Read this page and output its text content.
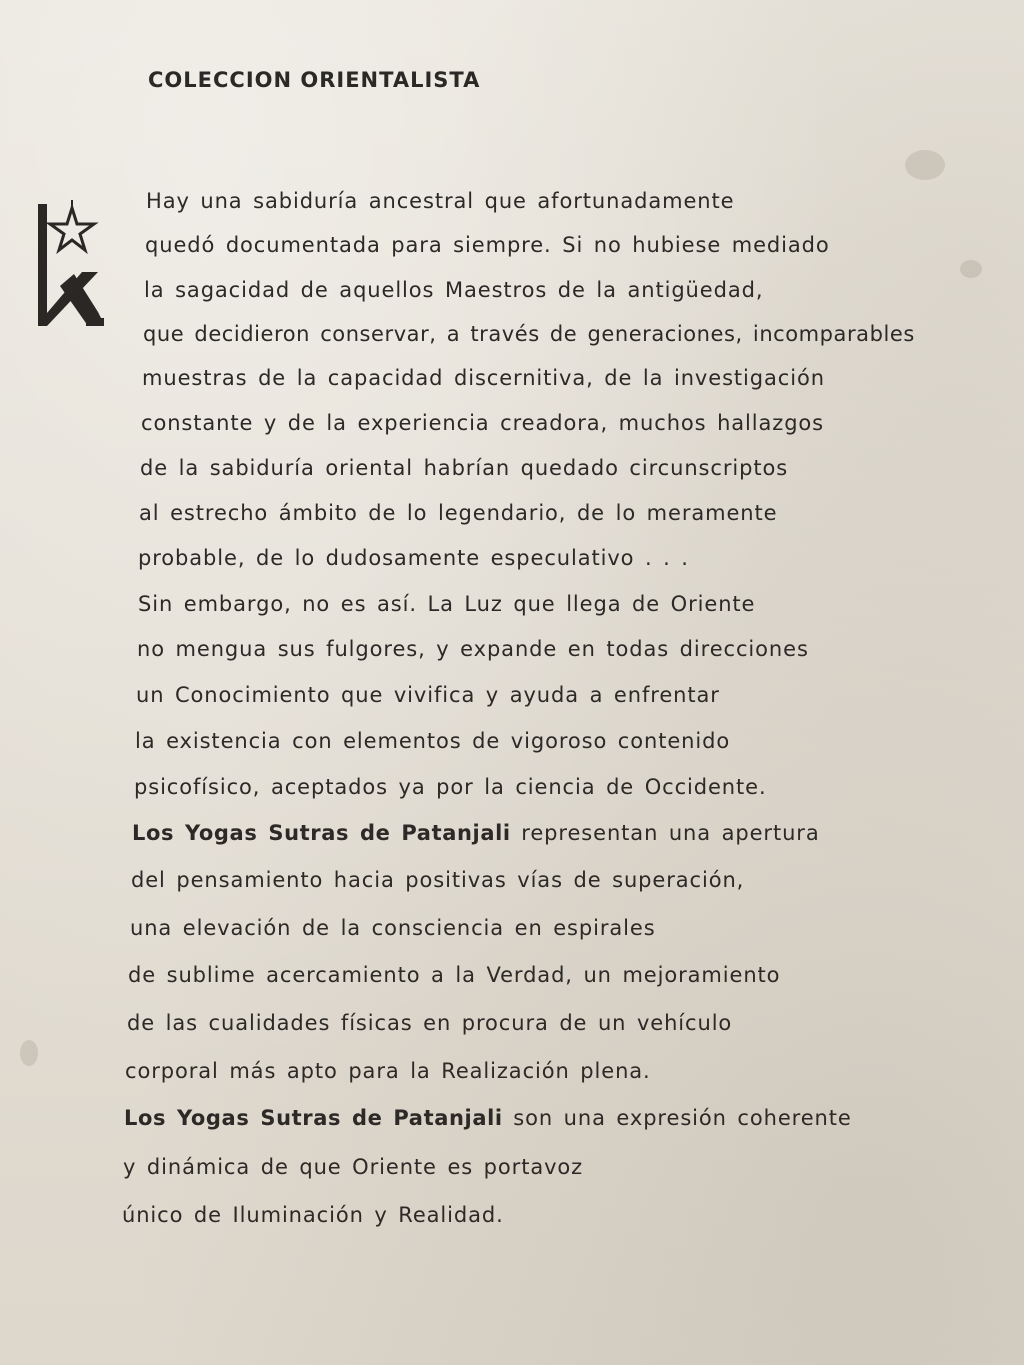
COLECCION ORIENTALISTA
Hay una sabiduría ancestral que afortunadamente
quedó documentada para siempre. Si no hubiese mediado
la sagacidad de aquellos Maestros de la antigüedad,
que decidieron conservar, a través de generaciones, incomparables
muestras de la capacidad discernitiva, de la investigación
constante y de la experiencia creadora, muchos hallazgos
de la sabiduría oriental habrían quedado circunscriptos
al estrecho ámbito de lo legendario, de lo meramente
probable, de lo dudosamente especulativo . . .
Sin embargo, no es así. La Luz que llega de Oriente
no mengua sus fulgores, y expande en todas direcciones
un Conocimiento que vivifica y ayuda a enfrentar
la existencia con elementos de vigoroso contenido
psicofísico, aceptados ya por la ciencia de Occidente.
Los Yogas Sutras de Patanjali representan una apertura
del pensamiento hacia positivas vías de superación,
una elevación de la consciencia en espirales
de sublime acercamiento a la Verdad, un mejoramiento
de las cualidades físicas en procura de un vehículo
corporal más apto para la Realización plena.
Los Yogas Sutras de Patanjali son una expresión coherente
y dinámica de que Oriente es portavoz
único de Iluminación y Realidad.
